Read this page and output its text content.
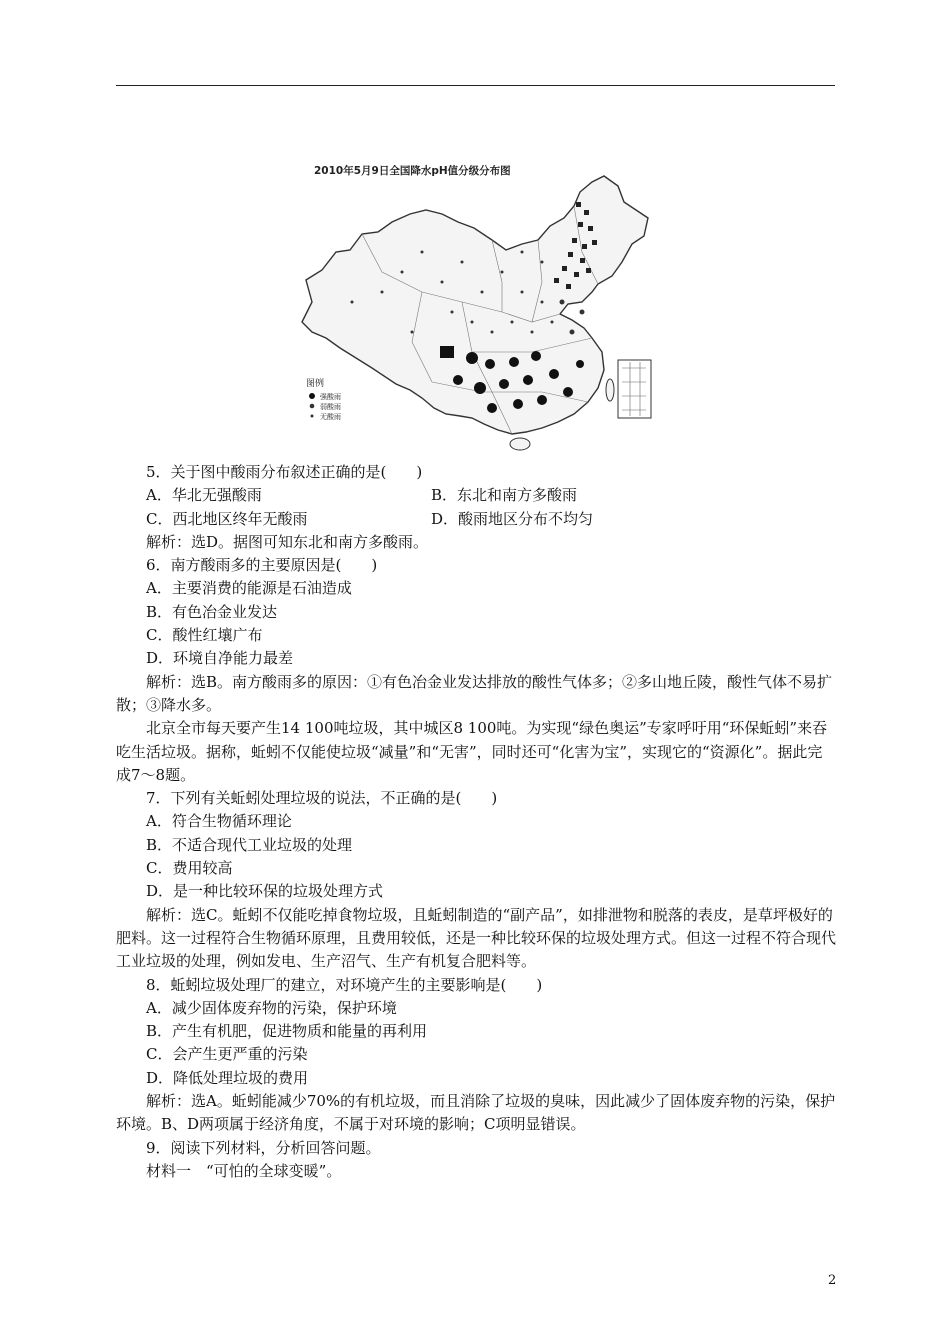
2010年5月9日全国降水pH值分级分布图
图例
强酸雨
弱酸雨
无酸雨

5．关于图中酸雨分布叙述正确的是(　　)

A．华北无强酸雨	B．东北和南方多酸雨
C．西北地区终年无酸雨	D．酸雨地区分布不均匀

解析：选D。据图可知东北和南方多酸雨。

6．南方酸雨多的主要原因是(　　)

A．主要消费的能源是石油造成

B．有色冶金业发达

C．酸性红壤广布

D．环境自净能力最差

解析：选B。南方酸雨多的原因：①有色冶金业发达排放的酸性气体多；②多山地丘陵，酸性气体不易扩散；③降水多。

北京全市每天要产生14 100吨垃圾，其中城区8 100吨。为实现“绿色奥运”专家呼吁用“环保蚯蚓”来吞吃生活垃圾。据称，蚯蚓不仅能使垃圾“减量”和“无害”，同时还可“化害为宝”，实现它的“资源化”。据此完成7～8题。

7．下列有关蚯蚓处理垃圾的说法，不正确的是(　　)

A．符合生物循环理论

B．不适合现代工业垃圾的处理

C．费用较高

D．是一种比较环保的垃圾处理方式

解析：选C。蚯蚓不仅能吃掉食物垃圾，且蚯蚓制造的“副产品”，如排泄物和脱落的表皮，是草坪极好的肥料。这一过程符合生物循环原理，且费用较低，还是一种比较环保的垃圾处理方式。但这一过程不符合现代工业垃圾的处理，例如发电、生产沼气、生产有机复合肥料等。

8．蚯蚓垃圾处理厂的建立，对环境产生的主要影响是(　　)

A．减少固体废弃物的污染，保护环境

B．产生有机肥，促进物质和能量的再利用

C．会产生更严重的污染

D．降低处理垃圾的费用

解析：选A。蚯蚓能减少70%的有机垃圾，而且消除了垃圾的臭味，因此减少了固体废弃物的污染，保护环境。B、D两项属于经济角度，不属于对环境的影响；C项明显错误。

9．阅读下列材料，分析回答问题。

材料一　“可怕的全球变暖”。

2
